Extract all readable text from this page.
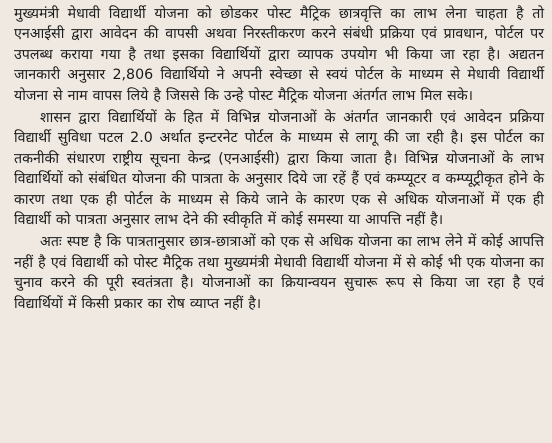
मुख्यमंत्री मेधावी विद्यार्थी योजना को छोडकर पोस्ट मैट्रिक छात्रवृत्ति का लाभ लेना चाहता है तो एनआईसी द्वारा आवेदन की वापसी अथवा निरस्तीकरण करने संबंधी प्रक्रिया एवं प्रावधान, पोर्टल पर उपलब्ध कराया गया है तथा इसका विद्यार्थियों द्वारा व्यापक उपयोग भी किया जा रहा है। अद्यतन जानकारी अनुसार 2,806 विद्यार्थियो ने अपनी स्वेच्छा से स्वयं पोर्टल के माध्यम से मेधावी विद्यार्थी योजना से नाम वापस लिये है जिससे कि उन्हे पोस्ट मैट्रिक योजना अंतर्गत लाभ मिल सके।

शासन द्वारा विद्यार्थियों के हित में विभिन्न योजनाओं के अंतर्गत जानकारी एवं आवेदन प्रक्रिया विद्यार्थी सुविधा पटल 2.0 अर्थात इन्टरनेट पोर्टल के माध्यम से लागू की जा रही है। इस पोर्टल का तकनीकी संधारण राष्ट्रीय सूचना केन्द्र (एनआईसी) द्वारा किया जाता है। विभिन्न योजनाओं के लाभ विद्यार्थियों को संबंधित योजना की पात्रता के अनुसार दिये जा रहें हैं एवं कम्प्यूटर व कम्प्यूट्रीकृत होने के कारण तथा एक ही पोर्टल के माध्यम से किये जाने के कारण एक से अधिक योजनाओं में एक ही विद्यार्थी को पात्रता अनुसार लाभ देने की स्वीकृति में कोई समस्या या आपत्ति नहीं है।

अतः स्पष्ट है कि पात्रतानुसार छात्र-छात्राओं को एक से अधिक योजना का लाभ लेने में कोई आपत्ति नहीं है एवं विद्यार्थी को पोस्ट मैट्रिक तथा मुख्यमंत्री मेधावी विद्यार्थी योजना में से कोई भी एक योजना का चुनाव करने की पूरी स्वतंत्रता है। योजनाओं का क्रियान्वयन सुचारू रूप से किया जा रहा है एवं विद्यार्थियों में किसी प्रकार का रोष व्याप्त नहीं है।
